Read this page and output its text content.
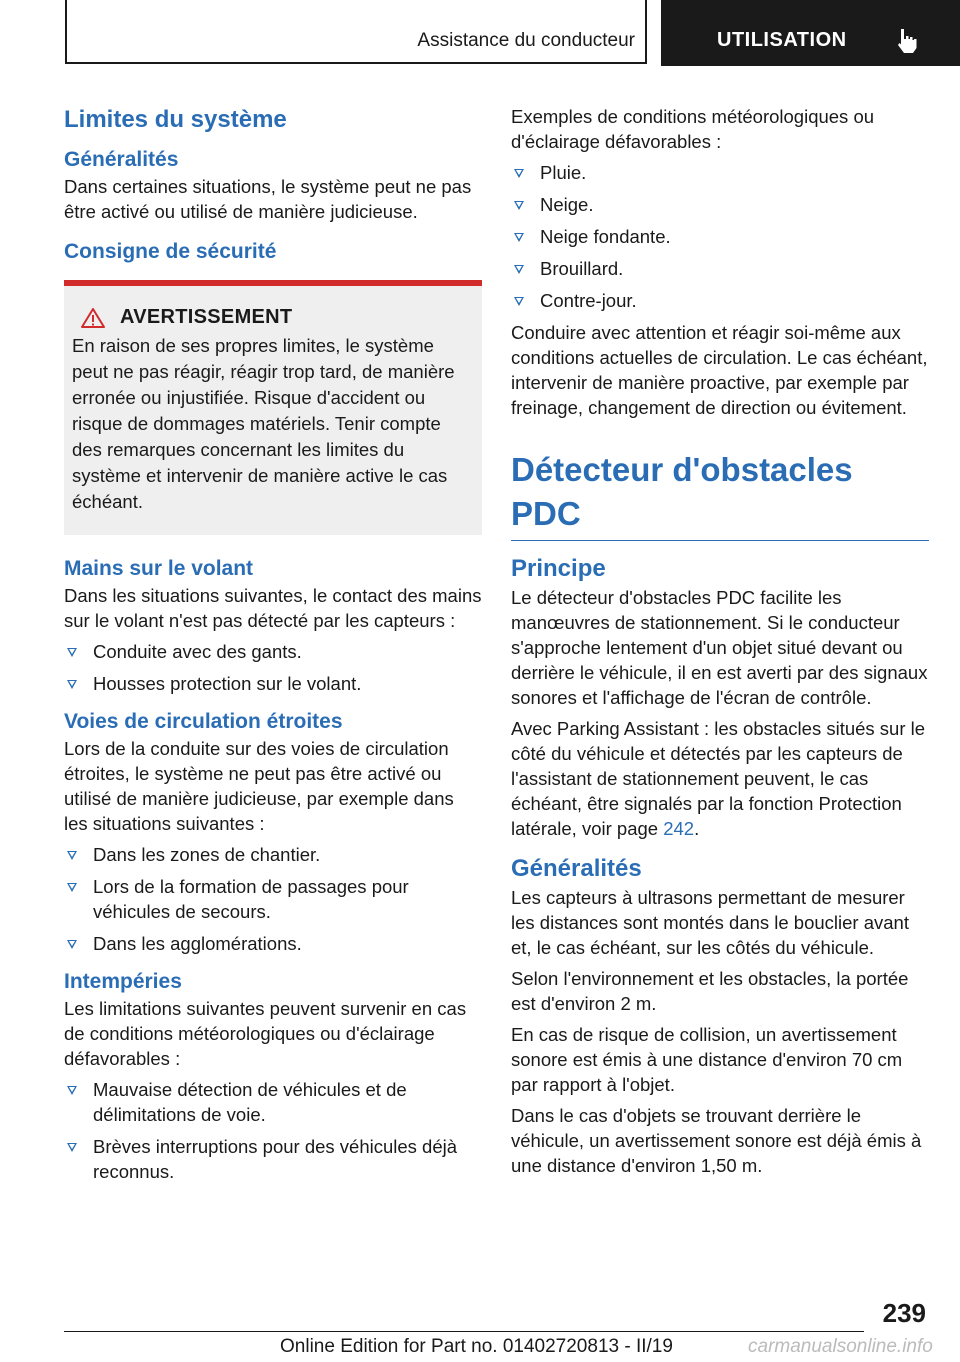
Assistance du conducteur	UTILISATION
Limites du système
Généralités

Dans certaines situations, le système peut ne pas être activé ou utilisé de manière judicieuse.

Consigne de sécurité
AVERTISSEMENT
En raison de ses propres limites, le système peut ne pas réagir, réagir trop tard, de manière erronée ou injustifiée. Risque d'accident ou risque de dommages matériels. Tenir compte des remarques concernant les limites du système et intervenir de manière active le cas échéant.
Mains sur le volant

Dans les situations suivantes, le contact des mains sur le volant n'est pas détecté par les capteurs :

Conduite avec des gants.
Housses protection sur le volant.
Voies de circulation étroites

Lors de la conduite sur des voies de circulation étroites, le système ne peut pas être activé ou utilisé de manière judicieuse, par exemple dans les situations suivantes :

Dans les zones de chantier.
Lors de la formation de passages pour véhicules de secours.
Dans les agglomérations.
Intempéries

Les limitations suivantes peuvent survenir en cas de conditions météorologiques ou d'éclairage défavorables :

Mauvaise détection de véhicules et de délimitations de voie.
Brèves interruptions pour des véhicules déjà reconnus.

Exemples de conditions météorologiques ou d'éclairage défavorables :

Pluie.
Neige.
Neige fondante.
Brouillard.
Contre-jour.

Conduire avec attention et réagir soi-même aux conditions actuelles de circulation. Le cas échéant, intervenir de manière proactive, par exemple par freinage, changement de direction ou évitement.

Détecteur d'obstacles PDC
Principe

Le détecteur d'obstacles PDC facilite les manœuvres de stationnement. Si le conducteur s'approche lentement d'un objet situé devant ou derrière le véhicule, il en est averti par des signaux sonores et l'affichage de l'écran de contrôle.

Avec Parking Assistant : les obstacles situés sur le côté du véhicule et détectés par les capteurs de l'assistant de stationnement peuvent, le cas échéant, être signalés par la fonction Protection latérale, voir page 242.

Généralités

Les capteurs à ultrasons permettant de mesurer les distances sont montés dans le bouclier avant et, le cas échéant, sur les côtés du véhicule.

Selon l'environnement et les obstacles, la portée est d'environ 2 m.

En cas de risque de collision, un avertissement sonore est émis à une distance d'environ 70 cm par rapport à l'objet.

Dans le cas d'objets se trouvant derrière le véhicule, un avertissement sonore est déjà émis à une distance d'environ 1,50 m.

239
Online Edition for Part no. 01402720813 - II/19	carmanualsonline.info
